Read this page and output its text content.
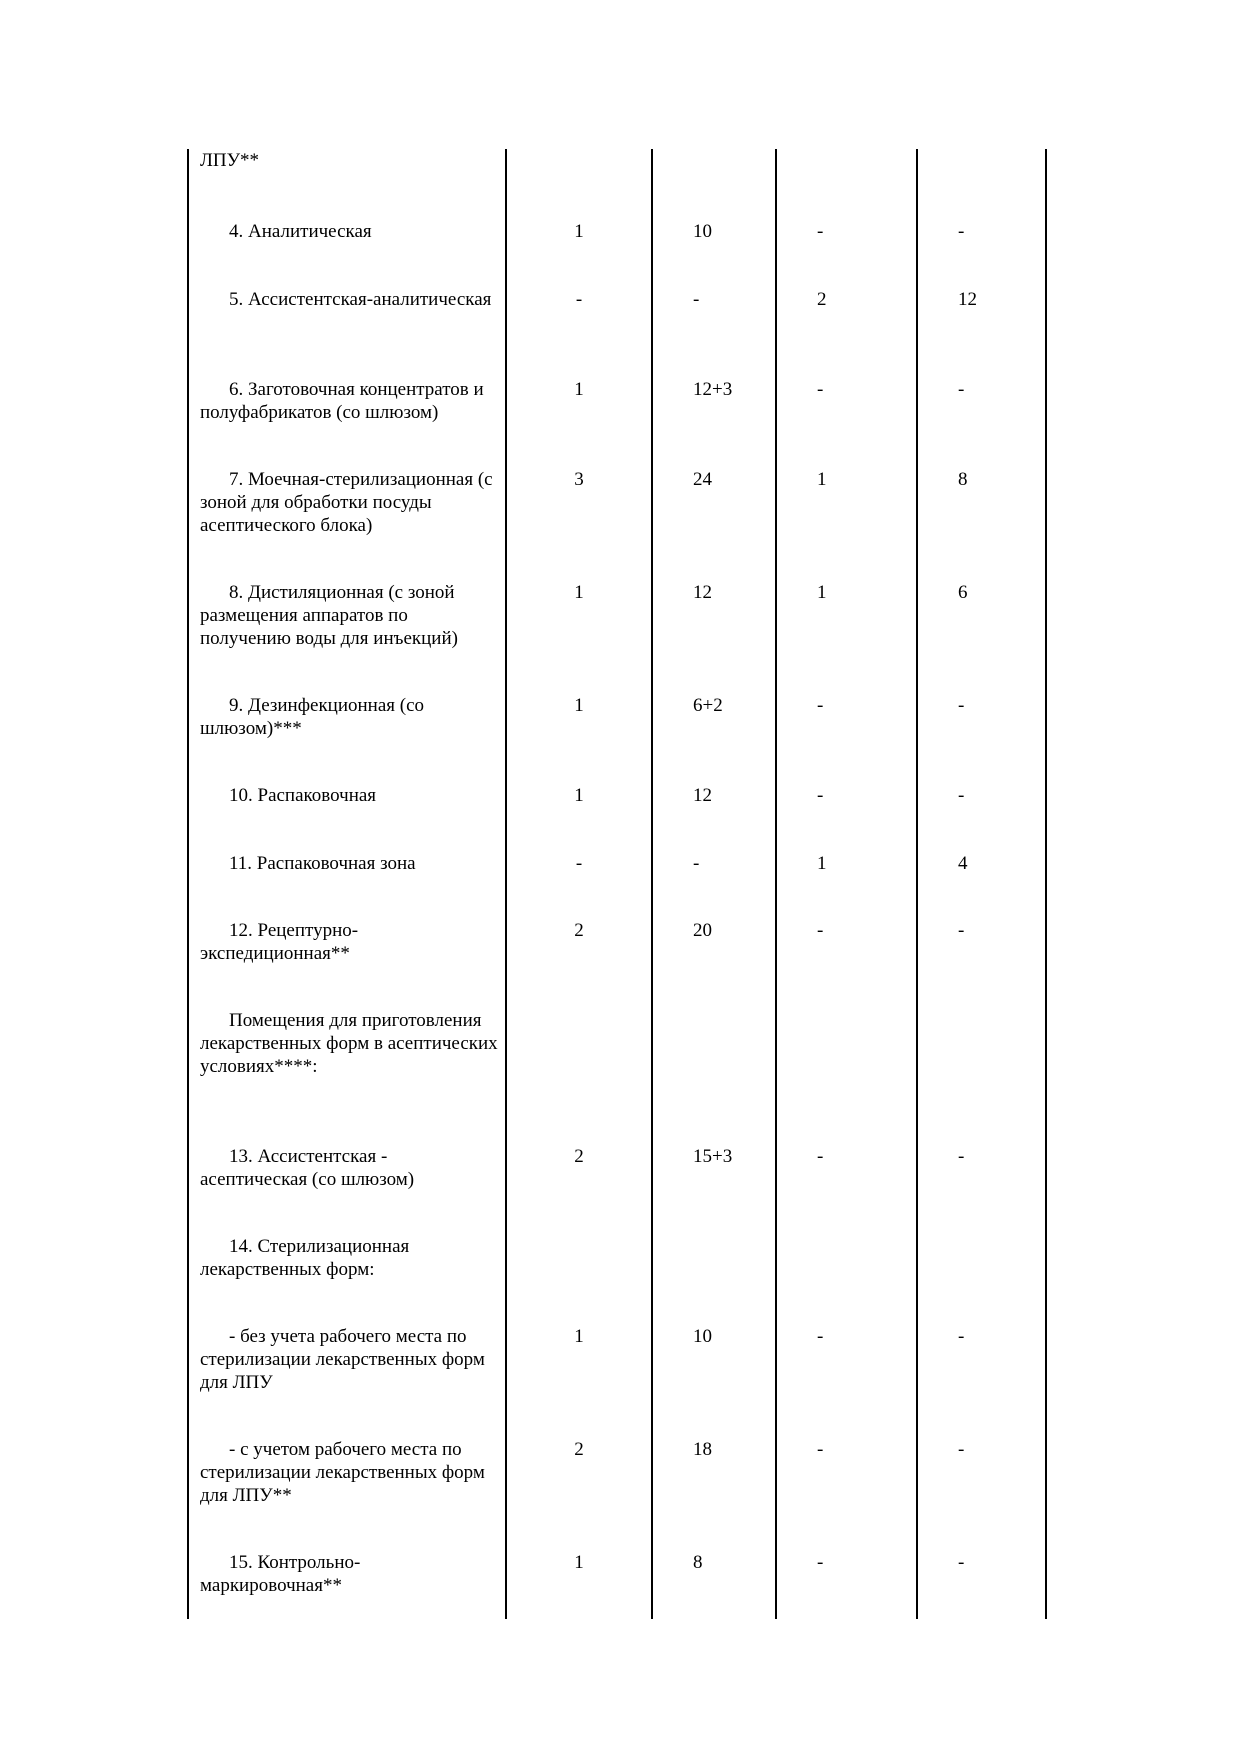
ЛПУ**				

4. Аналитическая	1	10	-	-

5. Ассистентская-аналитическая	-	-	2	12

6. Заготовочная концентратов и полуфабрикатов (со шлюзом)	1	12+3	-	-

7. Моечная-стерилизационная (с зоной для обработки посуды асептического блока)	3	24	1	8

8. Дистиляционная (с зоной размещения аппаратов по получению воды для инъекций)	1	12	1	6

9. Дезинфекционная (со шлюзом)***	1	6+2	-	-

10. Распаковочная	1	12	-	-

11. Распаковочная зона	-	-	1	4

12. Рецептурно-экспедиционная**	2	20	-	-

Помещения для приготовления лекарственных форм в асептических условиях****:				

13. Ассистентская - асептическая (со шлюзом)	2	15+3	-	-

14. Стерилизационная лекарственных форм:				

- без учета рабочего места по стерилизации лекарственных форм для ЛПУ	1	10	-	-

- с учетом рабочего места по стерилизации лекарственных форм для ЛПУ**	2	18	-	-

15. Контрольно-маркировочная**	1	8	-	-
